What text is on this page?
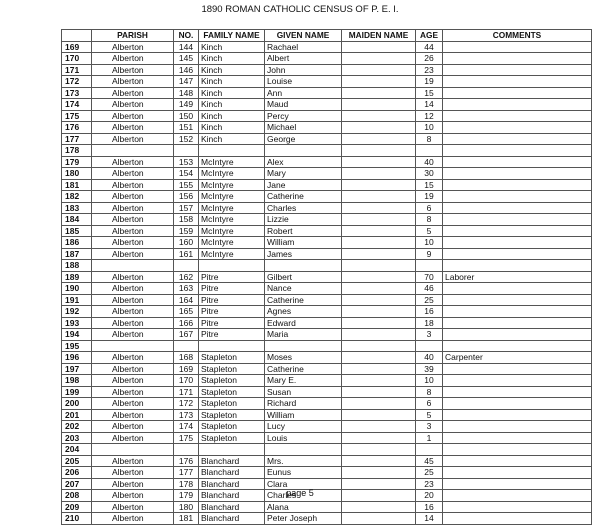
1890 ROMAN CATHOLIC CENSUS OF P. E. I.
	PARISH	NO.	FAMILY NAME	GIVEN NAME	MAIDEN NAME	AGE	COMMENTS
169	Alberton	144	Kinch	Rachael		44	
170	Alberton	145	Kinch	Albert		26	
171	Alberton	146	Kinch	John		23	
172	Alberton	147	Kinch	Louise		19	
173	Alberton	148	Kinch	Ann		15	
174	Alberton	149	Kinch	Maud		14	
175	Alberton	150	Kinch	Percy		12	
176	Alberton	151	Kinch	Michael		10	
177	Alberton	152	Kinch	George		8	
178							
179	Alberton	153	McIntyre	Alex		40	
180	Alberton	154	McIntyre	Mary		30	
181	Alberton	155	McIntyre	Jane		15	
182	Alberton	156	McIntyre	Catherine		19	
183	Alberton	157	McIntyre	Charles		6	
184	Alberton	158	McIntyre	Lizzie		8	
185	Alberton	159	McIntyre	Robert		5	
186	Alberton	160	McIntyre	William		10	
187	Alberton	161	McIntyre	James		9	
188							
189	Alberton	162	Pitre	Gilbert		70	Laborer
190	Alberton	163	Pitre	Nance		46	
191	Alberton	164	Pitre	Catherine		25	
192	Alberton	165	Pitre	Agnes		16	
193	Alberton	166	Pitre	Edward		18	
194	Alberton	167	Pitre	Maria		3	
195							
196	Alberton	168	Stapleton	Moses		40	Carpenter
197	Alberton	169	Stapleton	Catherine		39	
198	Alberton	170	Stapleton	Mary E.		10	
199	Alberton	171	Stapleton	Susan		8	
200	Alberton	172	Stapleton	Richard		6	
201	Alberton	173	Stapleton	William		5	
202	Alberton	174	Stapleton	Lucy		3	
203	Alberton	175	Stapleton	Louis		1	
204							
205	Alberton	176	Blanchard	Mrs.		45	
206	Alberton	177	Blanchard	Eunus		25	
207	Alberton	178	Blanchard	Clara		23	
208	Alberton	179	Blanchard	Charles		20	
209	Alberton	180	Blanchard	Alana		16	
210	Alberton	181	Blanchard	Peter Joseph		14	
page 5
